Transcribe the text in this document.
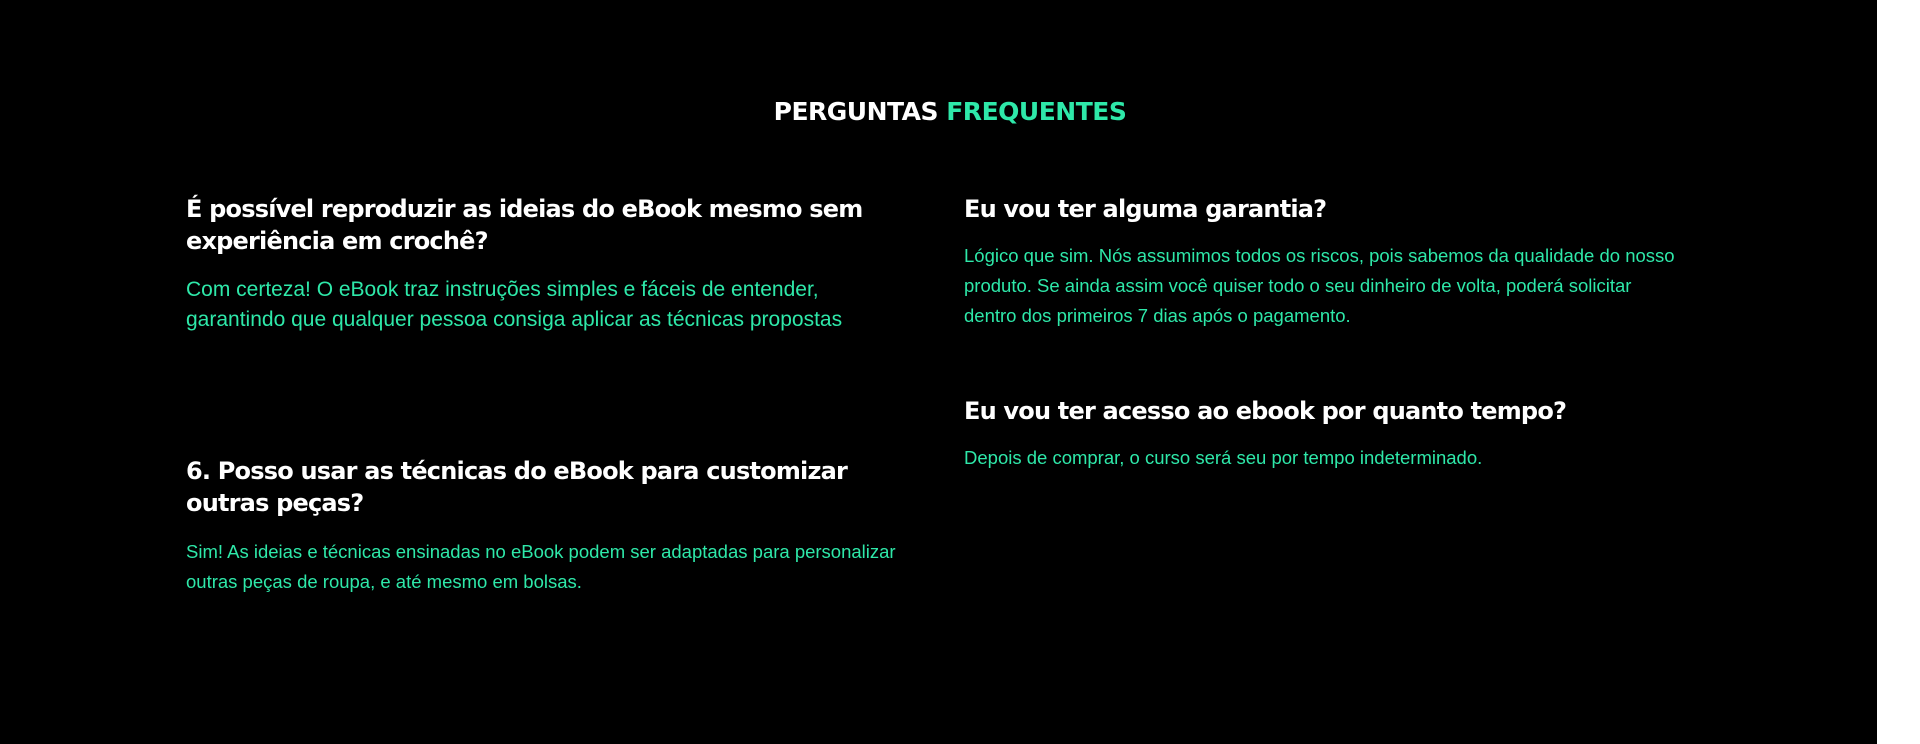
PERGUNTAS FREQUENTES
É possível reproduzir as ideias do eBook mesmo sem experiência em crochê?

Com certeza! O eBook traz instruções simples e fáceis de entender, garantindo que qualquer pessoa consiga aplicar as técnicas propostas

6. Posso usar as técnicas do eBook para customizar outras peças?

Sim! As ideias e técnicas ensinadas no eBook podem ser adaptadas para personalizar outras peças de roupa, e até mesmo em bolsas.

Eu vou ter alguma garantia?

Lógico que sim. Nós assumimos todos os riscos, pois sabemos da qualidade do nosso produto. Se ainda assim você quiser todo o seu dinheiro de volta, poderá solicitar dentro dos primeiros 7 dias após o pagamento.

Eu vou ter acesso ao ebook por quanto tempo?

Depois de comprar, o curso será seu por tempo indeterminado.
